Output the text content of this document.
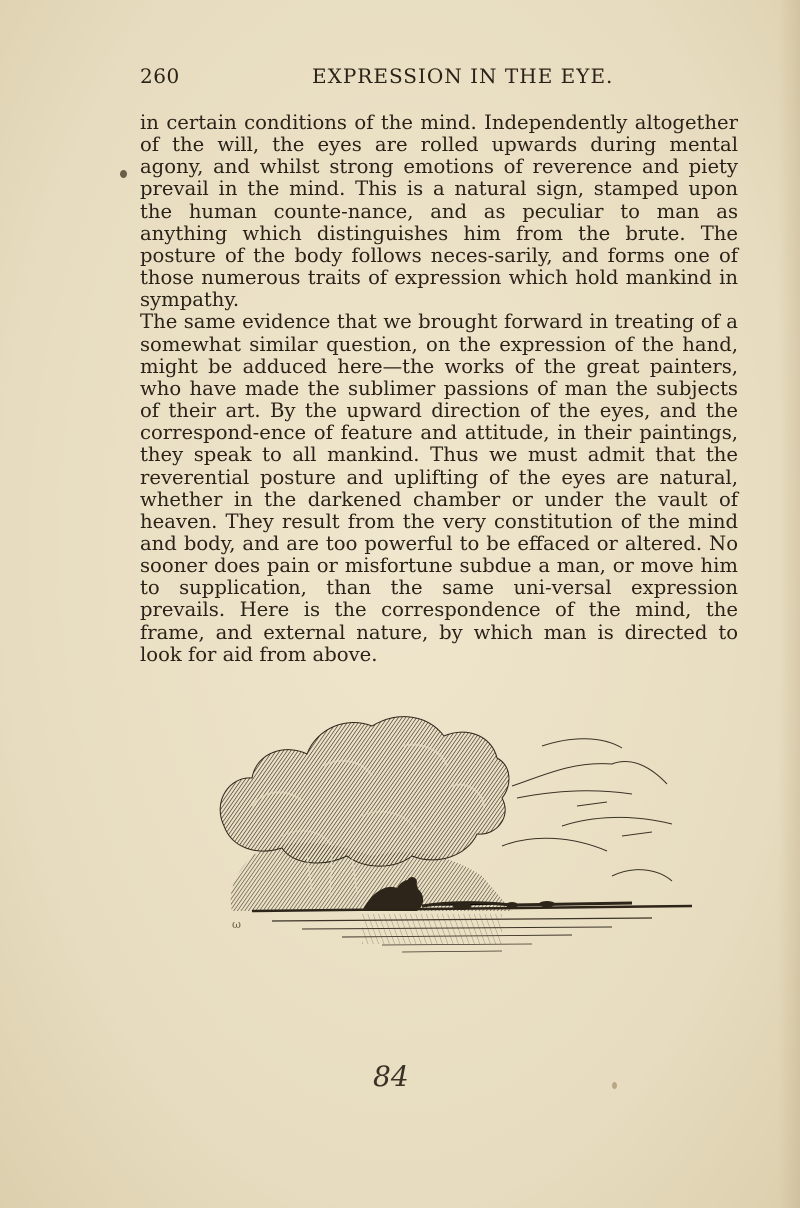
260	EXPRESSION IN THE EYE.

in certain conditions of the mind. Independently altogether of the will, the eyes are rolled upwards during mental agony, and whilst strong emotions of reverence and piety prevail in the mind. This is a natural sign, stamped upon the human counte-nance, and as peculiar to man as anything which distinguishes him from the brute. The posture of the body follows neces-sarily, and forms one of those numerous traits of expression which hold mankind in sympathy.

The same evidence that we brought forward in treating of a somewhat similar question, on the expression of the hand, might be adduced here—the works of the great painters, who have made the sublimer passions of man the subjects of their art. By the upward direction of the eyes, and the correspond-ence of feature and attitude, in their paintings, they speak to all mankind. Thus we must admit that the reverential posture and uplifting of the eyes are natural, whether in the darkened chamber or under the vault of heaven. They result from the very constitution of the mind and body, and are too powerful to be effaced or altered. No sooner does pain or misfortune subdue a man, or move him to supplication, than the same uni-versal expression prevails. Here is the correspondence of the mind, the frame, and external nature, by which man is directed to look for aid from above.

ω
84
